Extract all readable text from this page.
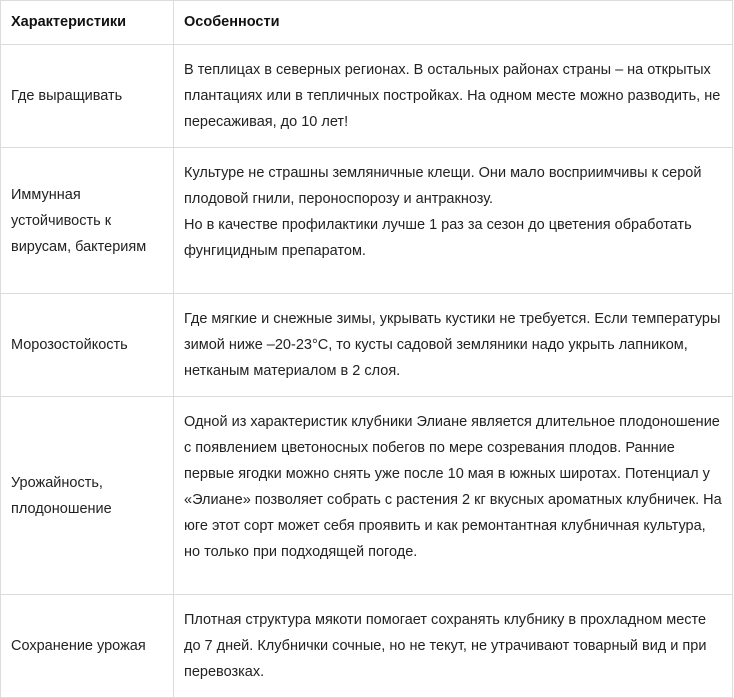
Характеристики	Особенности
Где выращивать	В теплицах в северных регионах. В остальных районах страны – на открытых плантациях или в тепличных постройках. На одном месте можно разводить, не пересаживая, до 10 лет!

Иммунная устойчивость к вирусам, бактериям	Культуре не страшны земляничные клещи. Они мало восприимчивы к серой плодовой гнили, пероноспорозу и антракнозу.
Но в качестве профилактики лучше 1 раз за сезон до цветения обработать фунгицидным препаратом.

Морозостойкость	Где мягкие и снежные зимы, укрывать кустики не требуется. Если температуры зимой ниже –20-23°C, то кусты садовой земляники надо укрыть лапником, нетканым материалом в 2 слоя.

Урожайность, плодоношение	Одной из характеристик клубники Элиане является длительное плодоношение с появлением цветоносных побегов по мере созревания плодов. Ранние первые ягодки можно снять уже после 10 мая в южных широтах. Потенциал у «Элиане» позволяет собрать с растения 2 кг вкусных ароматных клубничек. На юге этот сорт может себя проявить и как ремонтантная клубничная культура, но только при подходящей погоде.

Сохранение урожая	Плотная структура мякоти помогает сохранять клубнику в прохладном месте до 7 дней. Клубнички сочные, но не текут, не утрачивают товарный вид и при перевозках.
